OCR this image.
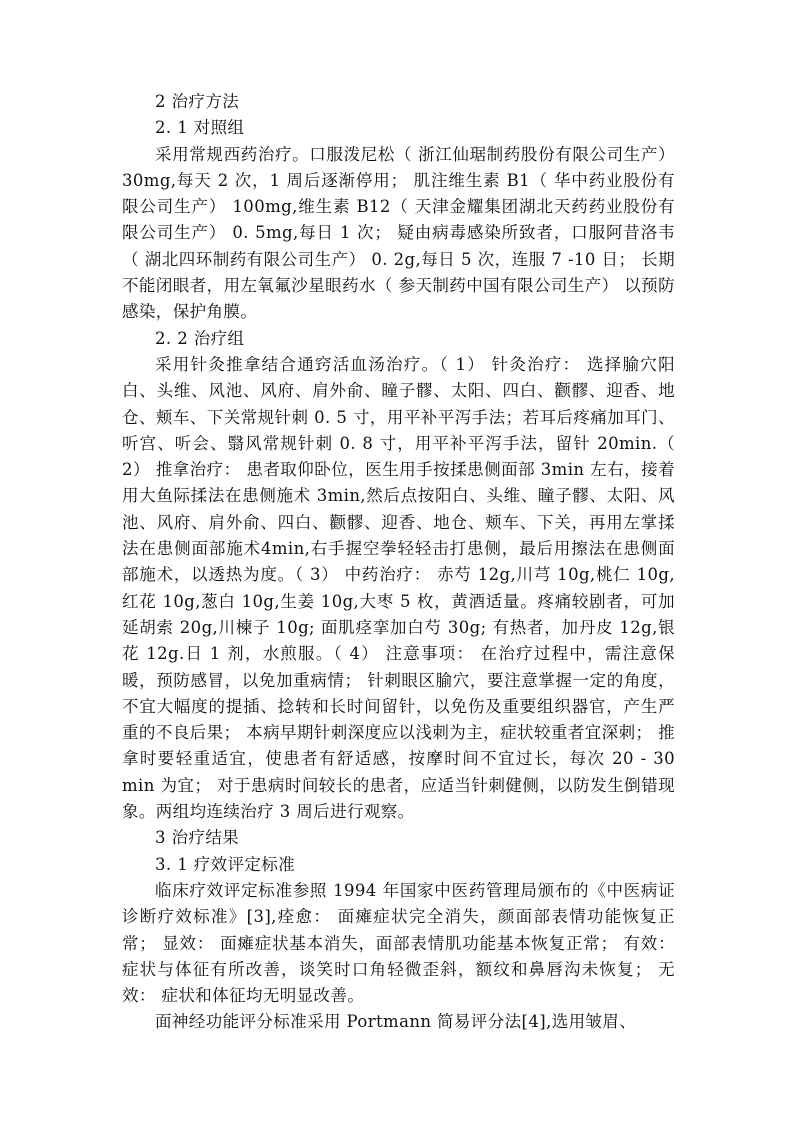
2 治疗方法

2. 1 对照组

采用常规西药治疗。口服泼尼松（ 浙江仙琚制药股份有限公司生产） 30mg,每天 2 次，1 周后逐渐停用； 肌注维生素 B1（ 华中药业股份有限公司生产） 100mg,维生素 B12（ 天津金耀集团湖北天药药业股份有限公司生产） 0. 5mg,每日 1 次； 疑由病毒感染所致者，口服阿昔洛韦（ 湖北四环制药有限公司生产） 0. 2g,每日 5 次，连服 7 -10 日； 长期不能闭眼者，用左氧氟沙星眼药水（ 参天制药中国有限公司生产） 以预防感染，保护角膜。

2. 2 治疗组

采用针灸推拿结合通窍活血汤治疗。（ 1） 针灸治疗： 选择腧穴阳白、头维、风池、风府、肩外俞、瞳子髎、太阳、四白、颧髎、迎香、地仓、颊车、下关常规针刺 0. 5 寸，用平补平泻手法；若耳后疼痛加耳门、听宫、听会、翳风常规针刺 0. 8 寸，用平补平泻手法，留针 20min.（ 2） 推拿治疗： 患者取仰卧位，医生用手按揉患侧面部 3min 左右，接着用大鱼际揉法在患侧施术 3min,然后点按阳白、头维、瞳子髎、太阳、风池、风府、肩外俞、四白、颧髎、迎香、地仓、颊车、下关，再用左掌揉法在患侧面部施术4min,右手握空拳轻轻击打患侧，最后用擦法在患侧面部施术，以透热为度。（ 3） 中药治疗： 赤芍 12g,川芎 10g,桃仁 10g,红花 10g,葱白 10g,生姜 10g,大枣 5 枚，黄酒适量。疼痛较剧者，可加延胡索 20g,川楝子 10g; 面肌痉挛加白芍 30g; 有热者，加丹皮 12g,银花 12g.日 1 剂，水煎服。（ 4） 注意事项： 在治疗过程中，需注意保暖，预防感冒，以免加重病情； 针刺眼区腧穴，要注意掌握一定的角度，不宜大幅度的提插、捻转和长时间留针，以免伤及重要组织器官，产生严重的不良后果； 本病早期针刺深度应以浅刺为主，症状较重者宜深刺； 推拿时要轻重适宜，使患者有舒适感，按摩时间不宜过长，每次 20 - 30 min 为宜； 对于患病时间较长的患者，应适当针刺健侧，以防发生倒错现象。两组均连续治疗 3 周后进行观察。

3 治疗结果

3. 1 疗效评定标准

临床疗效评定标准参照 1994 年国家中医药管理局颁布的《中医病证诊断疗效标准》[3],痊愈： 面瘫症状完全消失，颜面部表情功能恢复正常； 显效： 面瘫症状基本消失，面部表情肌功能基本恢复正常； 有效： 症状与体征有所改善，谈笑时口角轻微歪斜，额纹和鼻唇沟未恢复； 无效： 症状和体征均无明显改善。

面神经功能评分标准采用 Portmann 简易评分法[4],选用皱眉、
